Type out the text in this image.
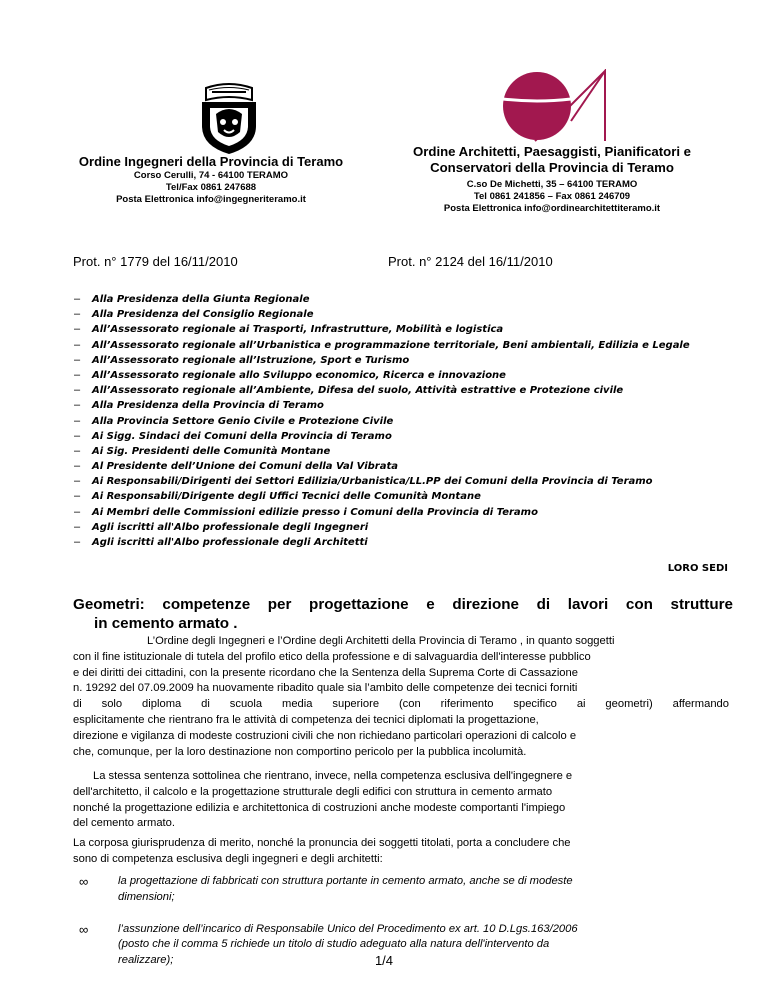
Ordine Ingegneri della Provincia di Teramo
Corso Cerulli, 74 - 64100 TERAMO
Tel/Fax 0861 247688
Posta Elettronica info@ingegneriteramo.it
Ordine Architetti, Paesaggisti, Pianificatori e
Conservatori della Provincia di Teramo
C.so De Michetti, 35 – 64100 TERAMO
Tel 0861 241856 – Fax 0861 246709
Posta Elettronica info@ordinearchitettiteramo.it
Prot. n° 1779 del 16/11/2010	Prot. n° 2124 del 16/11/2010
– Alla Presidenza della Giunta Regionale
– Alla Presidenza del Consiglio Regionale
– All’Assessorato regionale ai Trasporti, Infrastrutture, Mobilità e logistica
– All’Assessorato regionale all’Urbanistica e programmazione territoriale, Beni ambientali, Edilizia e Legale
– All’Assessorato regionale all’Istruzione, Sport e Turismo
– All’Assessorato regionale allo Sviluppo economico, Ricerca e innovazione
– All’Assessorato regionale all’Ambiente, Difesa del suolo, Attività estrattive e Protezione civile
– Alla Presidenza della Provincia di Teramo
– Alla Provincia Settore Genio Civile e Protezione Civile
– Ai Sigg. Sindaci dei Comuni della Provincia di Teramo
– Ai Sig. Presidenti delle Comunità Montane
– Al Presidente dell’Unione dei Comuni della Val Vibrata
– Ai Responsabili/Dirigenti dei Settori Edilizia/Urbanistica/LL.PP dei Comuni della Provincia di Teramo
– Ai Responsabili/Dirigente degli Uffici Tecnici delle Comunità Montane
– Ai Membri delle Commissioni edilizie presso i Comuni della Provincia di Teramo
– Agli iscritti all'Albo professionale degli Ingegneri
– Agli iscritti all'Albo professionale degli Architetti
LORO SEDI
Geometri: competenze per progettazione e direzione di lavori con strutture
in cemento armato .
L’Ordine degli Ingegneri e l’Ordine degli Architetti della Provincia di Teramo , in quanto soggetti
con il fine istituzionale di tutela del profilo etico della professione e di salvaguardia dell'interesse pubblico
e dei diritti dei cittadini, con la presente ricordano che la Sentenza della Suprema Corte di Cassazione
n. 19292 del 07.09.2009 ha nuovamente ribadito quale sia l’ambito delle competenze dei tecnici forniti
di solo diploma di scuola media superiore (con riferimento specifico ai geometri) affermando
esplicitamente che rientrano fra le attività di competenza dei tecnici diplomati la progettazione,
direzione e vigilanza di modeste costruzioni civili che non richiedano particolari operazioni di calcolo e
che, comunque, per la loro destinazione non comportino pericolo per la pubblica incolumità.
La stessa sentenza sottolinea che rientrano, invece, nella competenza esclusiva dell'ingegnere e
dell'architetto, il calcolo e la progettazione strutturale degli edifici con struttura in cemento armato
nonché la progettazione edilizia e architettonica di costruzioni anche modeste comportanti l'impiego
del cemento armato.
La corposa giurisprudenza di merito, nonché la pronuncia dei soggetti titolati, porta a concludere che
sono di competenza esclusiva degli ingegneri e degli architetti:
∞	la progettazione di fabbricati con struttura portante in cemento armato, anche se di modeste
dimensioni;
∞	l’assunzione dell’incarico di Responsabile Unico del Procedimento ex art. 10 D.Lgs.163/2006
(posto che il comma 5 richiede un titolo di studio adeguato alla natura dell'intervento da
realizzare);	1/4
